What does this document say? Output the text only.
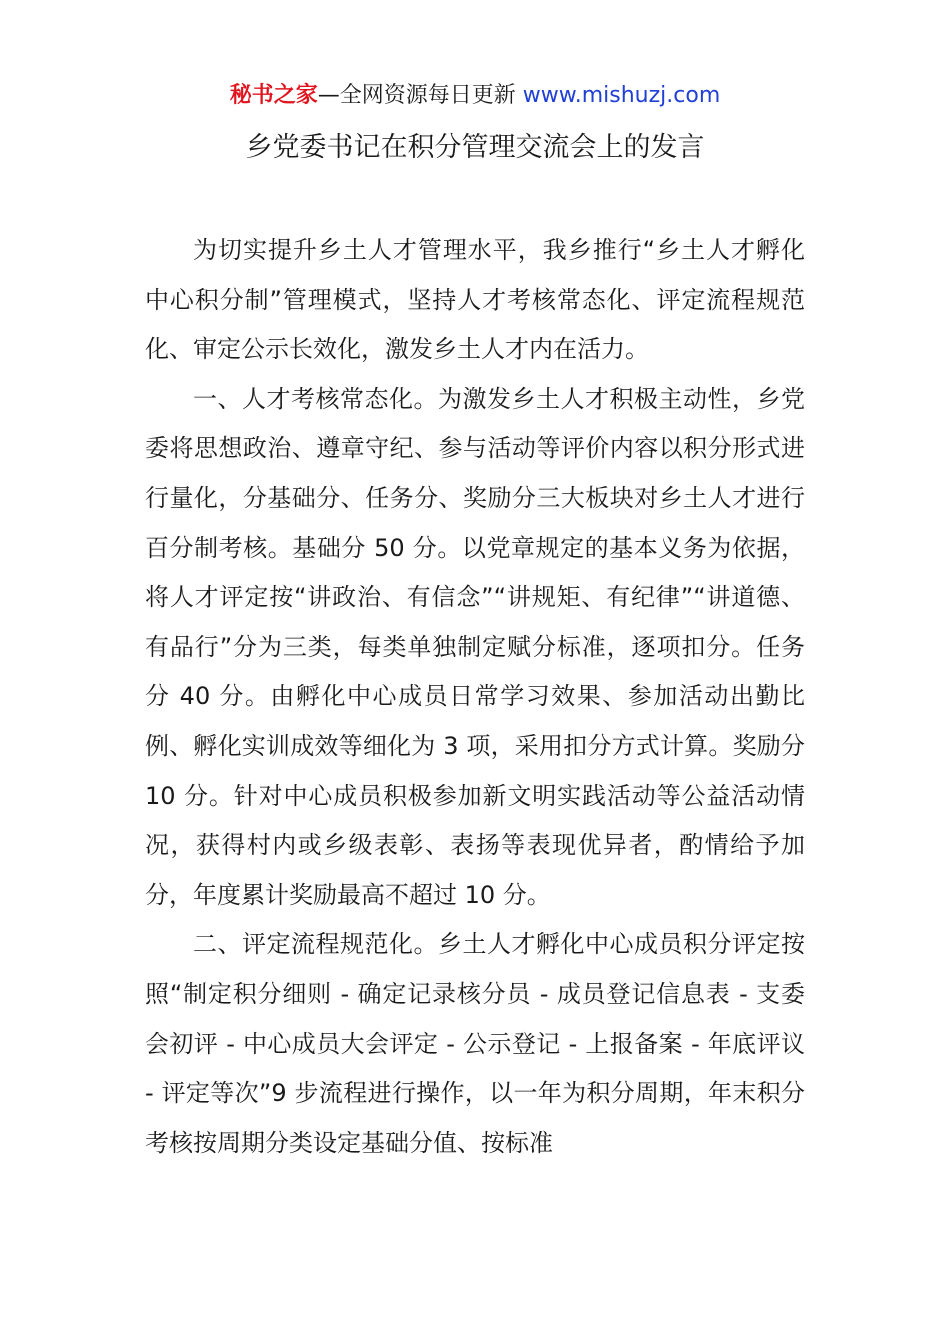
秘书之家—全网资源每日更新 www.mishuzj.com
乡党委书记在积分管理交流会上的发言

为切实提升乡土人才管理水平，我乡推行“乡土人才孵化中心积分制”管理模式，坚持人才考核常态化、评定流程规范化、审定公示长效化，激发乡土人才内在活力。

一、人才考核常态化。为激发乡土人才积极主动性，乡党委将思想政治、遵章守纪、参与活动等评价内容以积分形式进行量化，分基础分、任务分、奖励分三大板块对乡土人才进行百分制考核。基础分 50 分。以党章规定的基本义务为依据，将人才评定按“讲政治、有信念”“讲规矩、有纪律”“讲道德、有品行”分为三类，每类单独制定赋分标准，逐项扣分。任务分 40 分。由孵化中心成员日常学习效果、参加活动出勤比例、孵化实训成效等细化为 3 项，采用扣分方式计算。奖励分 10 分。针对中心成员积极参加新文明实践活动等公益活动情况，获得村内或乡级表彰、表扬等表现优异者，酌情给予加分，年度累计奖励最高不超过 10 分。

二、评定流程规范化。乡土人才孵化中心成员积分评定按照“制定积分细则 - 确定记录核分员 - 成员登记信息表 - 支委会初评 - 中心成员大会评定 - 公示登记 - 上报备案 - 年底评议 - 评定等次”9 步流程进行操作，以一年为积分周期，年末积分考核按周期分类设定基础分值、按标准
